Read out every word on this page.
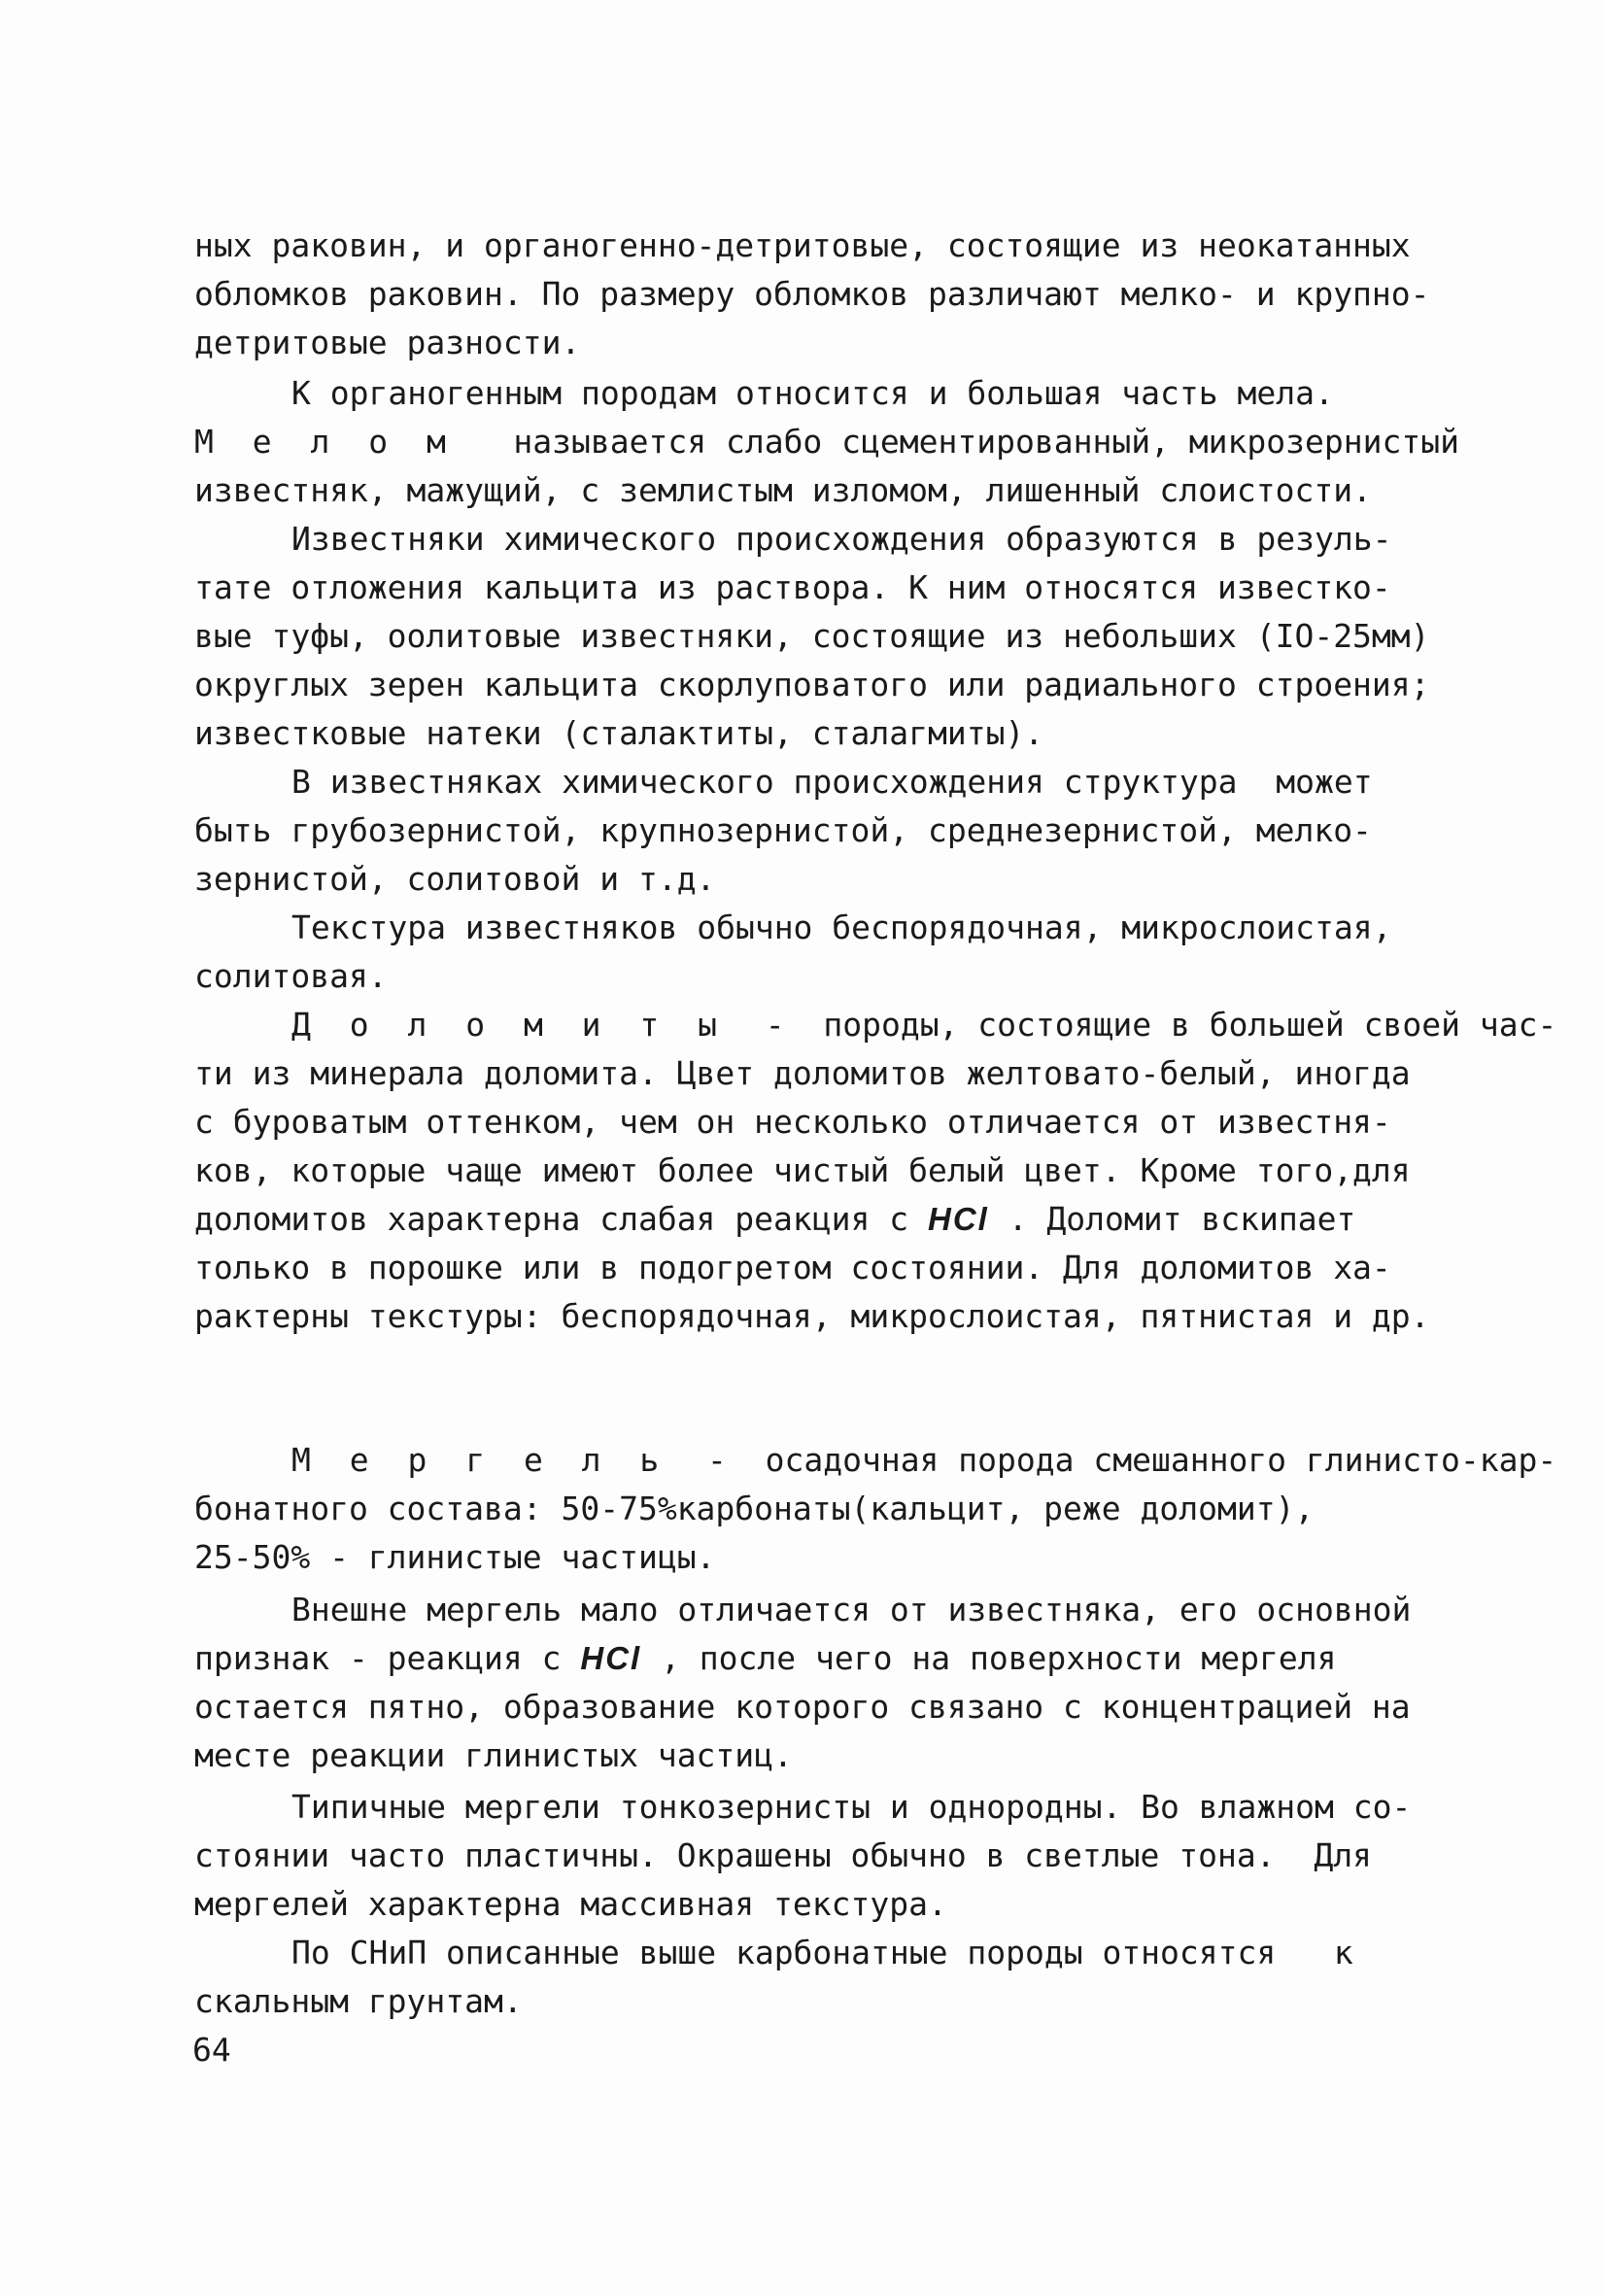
ных раковин, и органогенно-детритовые, состоящие из неокатанных
обломков раковин. По размеру обломков различают мелко- и крупно-
детритовые разности.
К органогенным породам относится и большая часть мела.
М е л о м называется слабо сцементированный, микрозернистый
известняк, мажущий, с землистым изломом, лишенный слоистости.
Известняки химического происхождения образуются в резуль-
тате отложения кальцита из раствора. К ним относятся известко-
вые туфы, оолитовые известняки, состоящие из небольших (IO-25мм)
округлых зерен кальцита скорлуповатого или радиального строения;
известковые натеки (сталактиты, сталагмиты).
В известняках химического происхождения структура  может
быть грубозернистой, крупнозернистой, среднезернистой, мелко-
зернистой, солитовой и т.д.
Текстура известняков обычно беспорядочная, микрослоистая,
солитовая.
Д о л о м и т ы  -  породы, состоящие в большей своей час-
ти из минерала доломита. Цвет доломитов желтовато-белый, иногда
с буроватым оттенком, чем он несколько отличается от известня-
ков, которые чаще имеют более чистый белый цвет. Кроме того,для
доломитов характерна слабая реакция с HCl . Доломит вскипает
только в порошке или в подогретом состоянии. Для доломитов ха-
рактерны текстуры: беспорядочная, микрослоистая, пятнистая и др.
М е р г е л ь  -  осадочная порода смешанного глинисто-кар-
бонатного состава: 50-75%карбонаты(кальцит, реже доломит),
25-50% - глинистые частицы.
Внешне мергель мало отличается от известняка, его основной
признак - реакция с HCl , после чего на поверхности мергеля
остается пятно, образование которого связано с концентрацией на
месте реакции глинистых частиц.
Типичные мергели тонкозернисты и однородны. Во влажном со-
стоянии часто пластичны. Окрашены обычно в светлые тона.  Для
мергелей характерна массивная текстура.
По СНиП описанные выше карбонатные породы относятся   к
скальным грунтам.
64
